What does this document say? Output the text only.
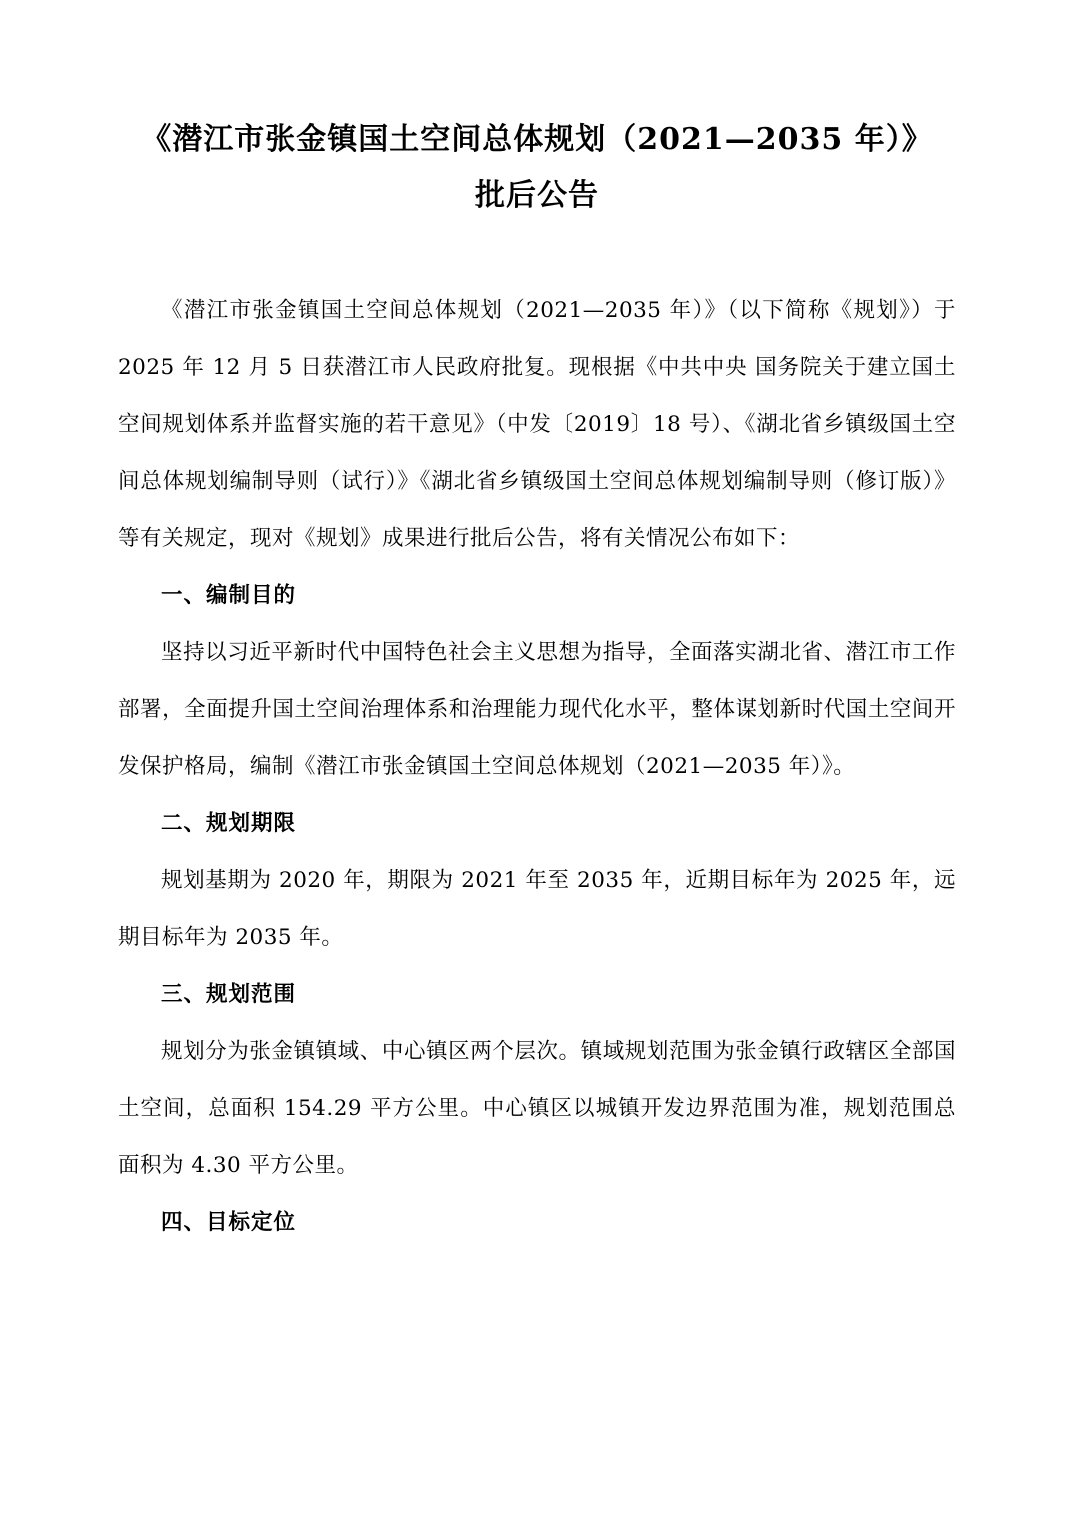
《潜江市张金镇国土空间总体规划（2021—2035 年）》
批后公告

《潜江市张金镇国土空间总体规划（2021—2035 年）》（以下简称《规划》）于 2025 年 12 月 5 日获潜江市人民政府批复。现根据《中共中央 国务院关于建立国土空间规划体系并监督实施的若干意见》（中发〔2019〕18 号）、《湖北省乡镇级国土空间总体规划编制导则（试行）》《湖北省乡镇级国土空间总体规划编制导则（修订版）》等有关规定，现对《规划》成果进行批后公告，将有关情况公布如下：

一、编制目的

坚持以习近平新时代中国特色社会主义思想为指导，全面落实湖北省、潜江市工作部署，全面提升国土空间治理体系和治理能力现代化水平，整体谋划新时代国土空间开发保护格局，编制《潜江市张金镇国土空间总体规划（2021—2035 年）》。

二、规划期限

规划基期为 2020 年，期限为 2021 年至 2035 年，近期目标年为 2025 年，远期目标年为 2035 年。

三、规划范围

规划分为张金镇镇域、中心镇区两个层次。镇域规划范围为张金镇行政辖区全部国土空间，总面积 154.29 平方公里。中心镇区以城镇开发边界范围为准，规划范围总面积为 4.30 平方公里。

四、目标定位
